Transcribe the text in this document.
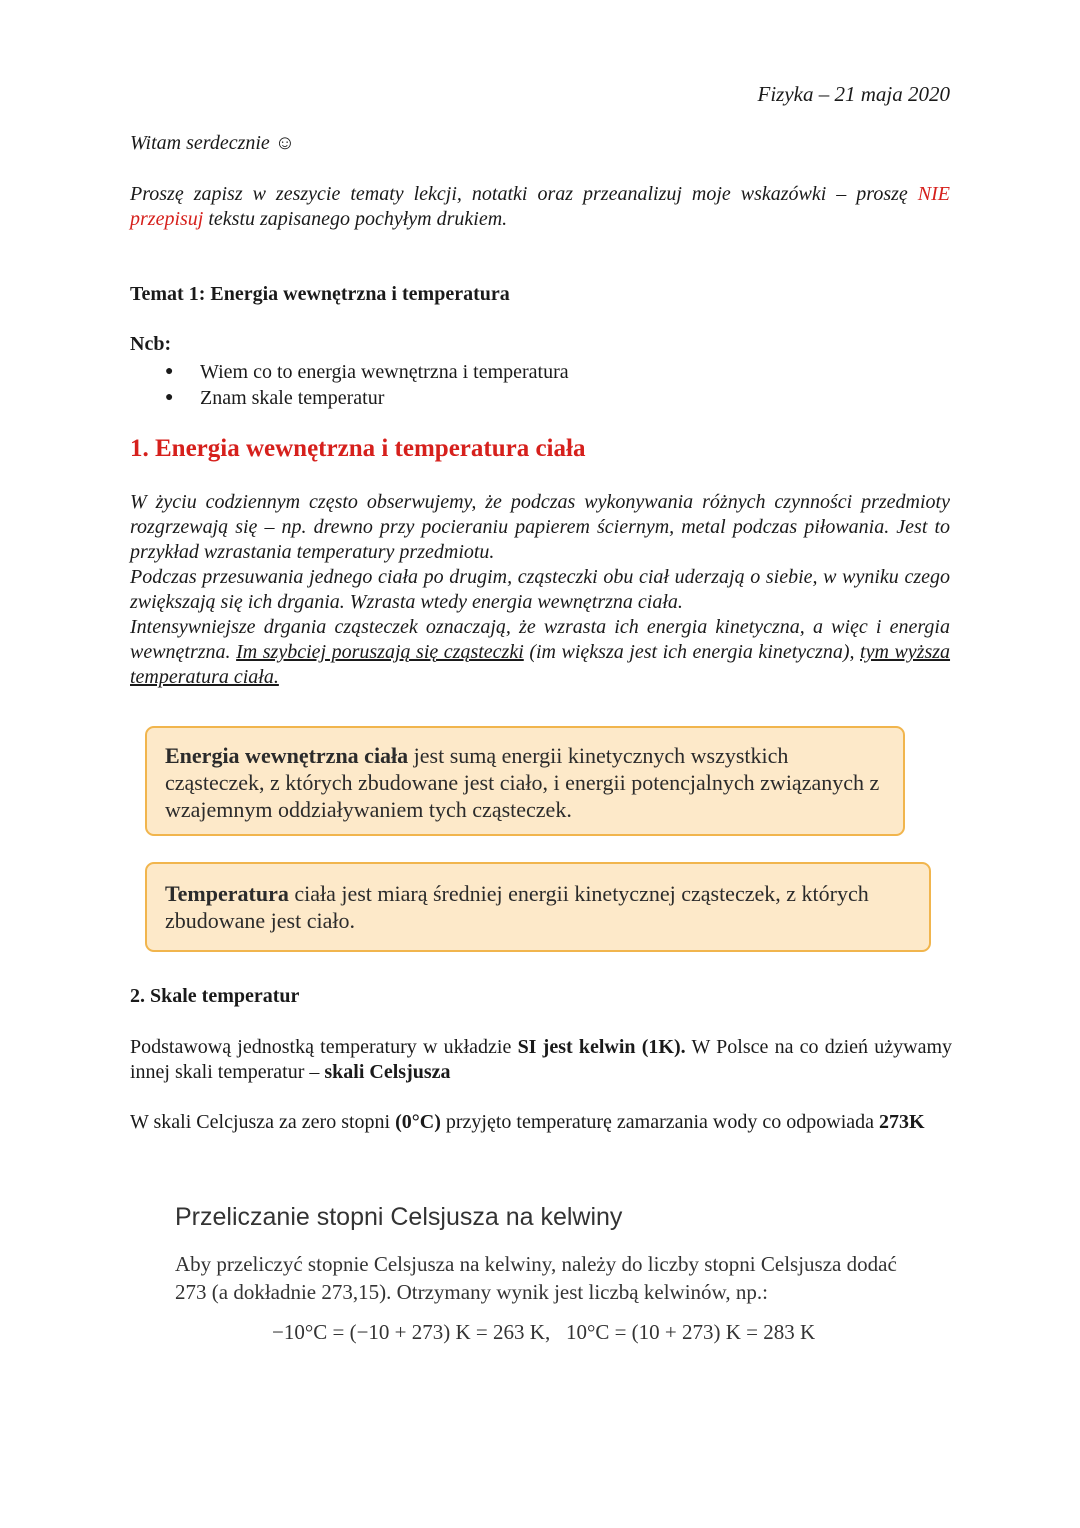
Fizyka – 21 maja 2020
Witam serdecznie ☺
Proszę zapisz w zeszycie tematy lekcji, notatki oraz przeanalizuj moje wskazówki – proszę NIE przepisuj tekstu zapisanego pochyłym drukiem.
Temat 1: Energia wewnętrzna i temperatura
Ncb:
● Wiem co to energia wewnętrzna i temperatura
● Znam skale temperatur
1. Energia wewnętrzna i temperatura ciała

W życiu codziennym często obserwujemy, że podczas wykonywania różnych czynności przedmioty rozgrzewają się – np. drewno przy pocieraniu papierem ściernym, metal podczas piłowania. Jest to przykład wzrastania temperatury przedmiotu.

Podczas przesuwania jednego ciała po drugim, cząsteczki obu ciał uderzają o siebie, w wyniku czego zwiększają się ich drgania. Wzrasta wtedy energia wewnętrzna ciała.

Intensywniejsze drgania cząsteczek oznaczają, że wzrasta ich energia kinetyczna, a więc i energia wewnętrzna. Im szybciej poruszają się cząsteczki (im większa jest ich energia kinetyczna), tym wyższa temperatura ciała.

Energia wewnętrzna ciała jest sumą energii kinetycznych wszystkich cząsteczek, z których zbudowane jest ciało, i energii potencjalnych związanych z wzajemnym oddziaływaniem tych cząsteczek.
Temperatura ciała jest miarą średniej energii kinetycznej cząsteczek, z których zbudowane jest ciało.
2. Skale temperatur
Podstawową jednostką temperatury w układzie SI jest kelwin (1K). W Polsce na co dzień używamy innej skali temperatur – skali Celsjusza
W skali Celcjusza za zero stopni (0°C) przyjęto temperaturę zamarzania wody co odpowiada 273K
Przeliczanie stopni Celsjusza na kelwiny
Aby przeliczyć stopnie Celsjusza na kelwiny, należy do liczby stopni Celsjusza dodać 273 (a dokładnie 273,15). Otrzymany wynik jest liczbą kelwinów, np.:
−10°C = (−10 + 273) K = 263 K,   10°C = (10 + 273) K = 283 K
